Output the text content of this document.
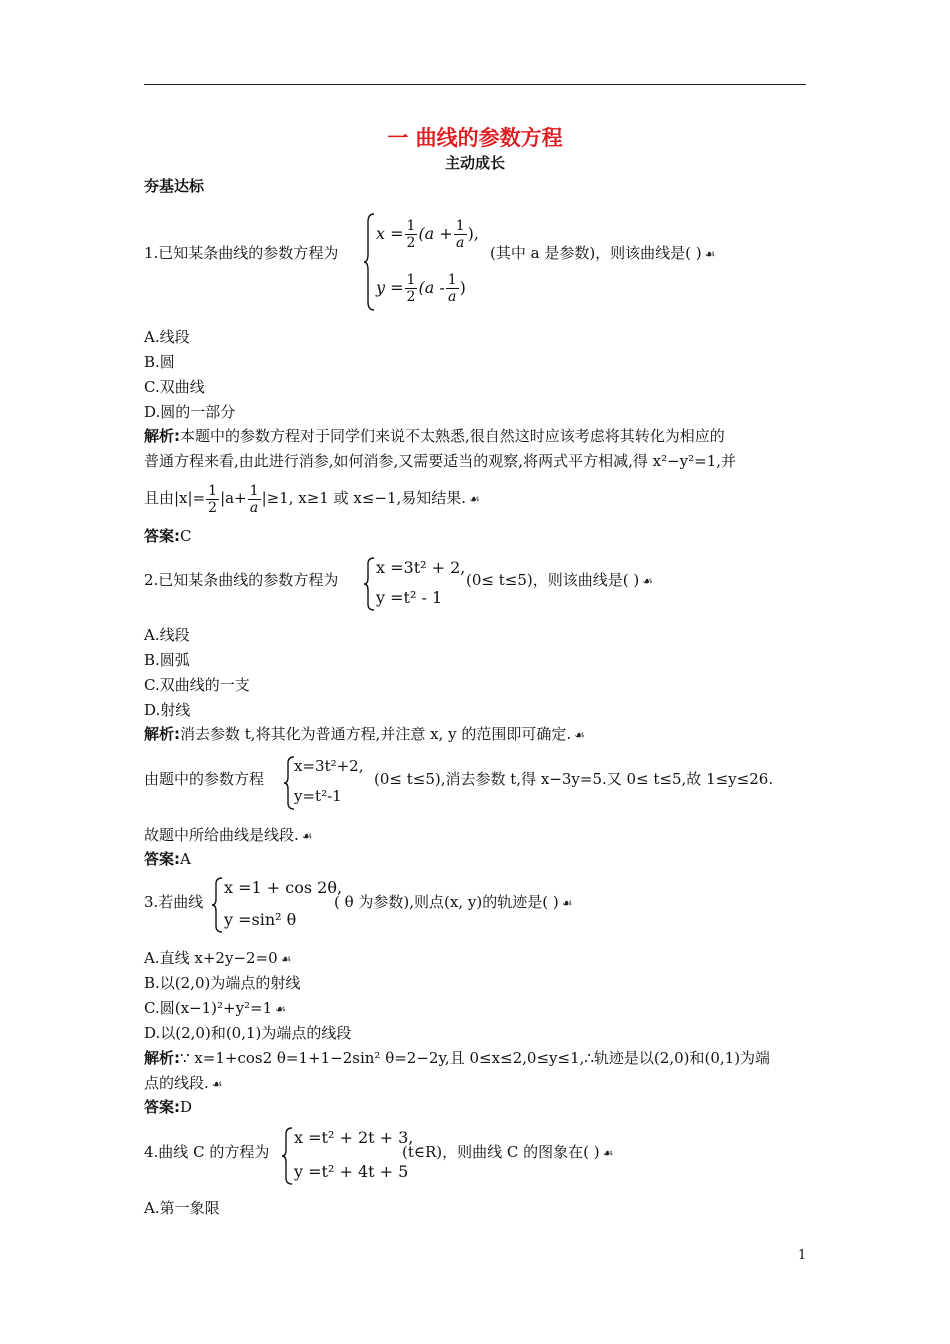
一 曲线的参数方程
主动成长
夯基达标
1.已知某条曲线的参数方程为
$x = \frac{1}{2} (a + \frac{1}{a}$ ),
$y = \frac{1}{2} (a - \frac{1}{a}$ )
(其中 a 是参数)，则该曲线是( ) ☙
A.线段
B.圆
C.双曲线
D.圆的一部分
解析:本题中的参数方程对于同学们来说不太熟悉,很自然这时应该考虑将其转化为相应的
普通方程来看,由此进行消参,如何消参,又需要适当的观察,将两式平方相减,得 x²−y²=1,并
且由$|x|= \frac{1}{2} |a+ \frac{1}{a} |\ge 1$, x≥1 或 x≤−1,易知结果. ☙
答案:C
2.已知某条曲线的参数方程为
x =3t² + 2,
y =t² - 1
(0≤ t≤5)，则该曲线是( ) ☙
A.线段
B.圆弧
C.双曲线的一支
D.射线
解析:消去参数 t,将其化为普通方程,并注意 x, y 的范围即可确定. ☙
由题中的参数方程
x=3t²+2,
y=t²-1
(0≤ t≤5),消去参数 t,得 x−3y=5.又 0≤ t≤5,故 1≤y≤26.
故题中所给曲线是线段. ☙
答案:A
3.若曲线
x =1 + cos 2θ,
y =sin² θ
( θ 为参数),则点(x, y)的轨迹是( ) ☙
A.直线 x+2y−2=0 ☙
B.以(2,0)为端点的射线
C.圆(x−1)²+y²=1 ☙
D.以(2,0)和(0,1)为端点的线段
解析:∵ x=1+cos2 θ=1+1−2sin² θ=2−2y,且 0≤x≤2,0≤y≤1,∴轨迹是以(2,0)和(0,1)为端
点的线段. ☙
答案:D
4.曲线 C 的方程为
x =t² + 2t + 3,
y =t² + 4t + 5
(t∈R)，则曲线 C 的图象在( ) ☙
A.第一象限
1
